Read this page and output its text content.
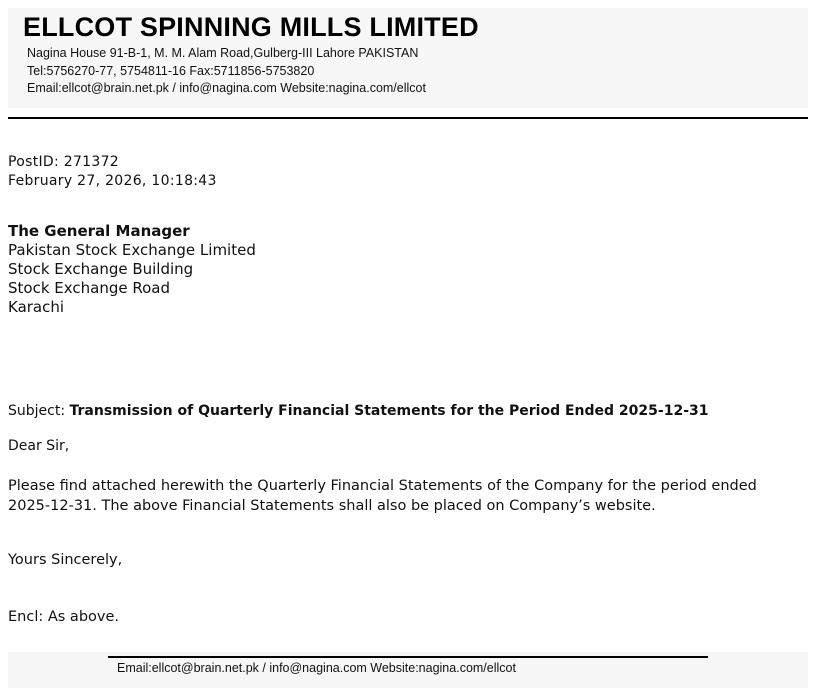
ELLCOT SPINNING MILLS LIMITED
Nagina House 91-B-1, M. M. Alam Road,Gulberg-III Lahore PAKISTAN
Tel:5756270-77, 5754811-16 Fax:5711856-5753820
Email:ellcot@brain.net.pk / info@nagina.com Website:nagina.com/ellcot
PostID: 271372
February 27, 2026, 10:18:43
The General Manager
Pakistan Stock Exchange Limited
Stock Exchange Building
Stock Exchange Road
Karachi
Subject: Transmission of Quarterly Financial Statements for the Period Ended 2025-12-31
Dear Sir,

Please find attached herewith the Quarterly Financial Statements of the Company for the period ended 2025-12-31. The above Financial Statements shall also be placed on Company’s website.

Yours Sincerely,
Encl: As above.
Email:ellcot@brain.net.pk / info@nagina.com Website:nagina.com/ellcot
